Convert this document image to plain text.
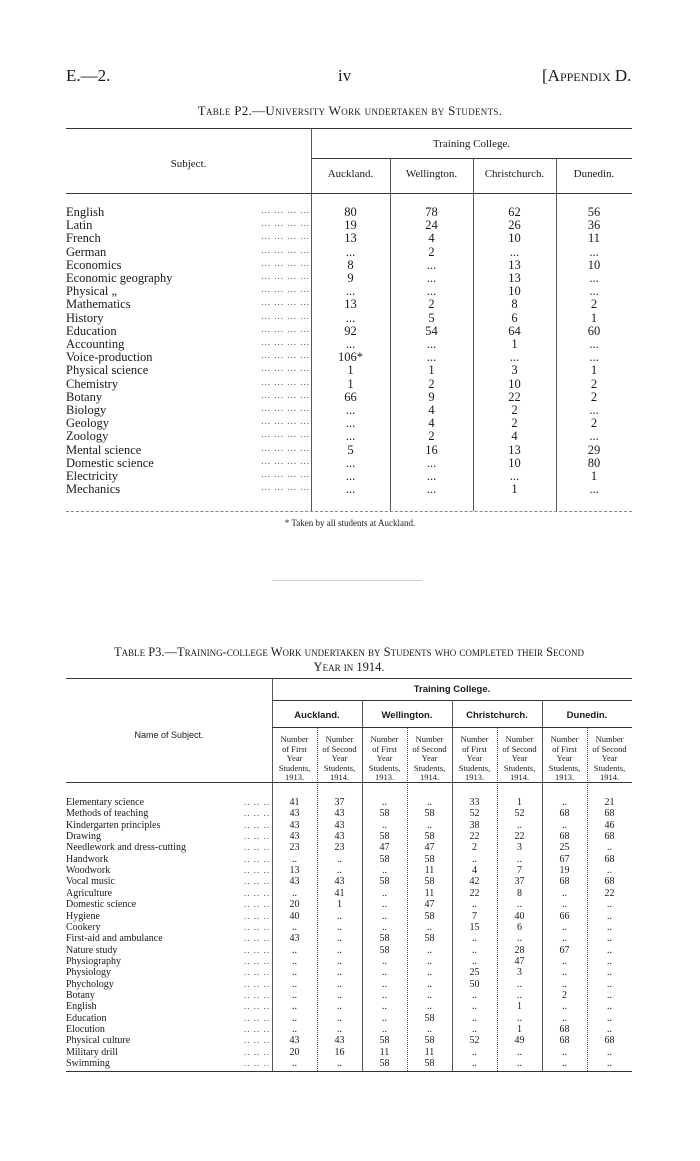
E.—2.	iv	[Appendix D.
Table P2.—University Work undertaken by Students.
Training College.
Subject.
Auckland.	Wellington.	Christchurch.	Dunedin.
English	... ... ... ...	80	78	62	56
Latin	... ... ... ...	19	24	26	36
French	... ... ... ...	13	4	10	11
German	... ... ... ...	...	2	...	...
Economics	... ... ... ...	8	...	13	10
Economic geography	... ... ... ...	9	...	13	...
Physical „	... ... ... ...	...	...	10	...
Mathematics	... ... ... ...	13	2	8	2
History	... ... ... ...	...	5	6	1
Education	... ... ... ...	92	54	64	60
Accounting	... ... ... ...	...	...	1	...
Voice-production	... ... ... ...	106*	...	...	...
Physical science	... ... ... ...	1	1	3	1
Chemistry	... ... ... ...	1	2	10	2
Botany	... ... ... ...	66	9	22	2
Biology	... ... ... ...	...	4	2	...
Geology	... ... ... ...	...	4	2	2
Zoology	... ... ... ...	...	2	4	...
Mental science	... ... ... ...	5	16	13	29
Domestic science	... ... ... ...	...	...	10	80
Electricity	... ... ... ...	...	...	...	1
Mechanics	... ... ... ...	...	...	1	...
* Taken by all students at Auckland.
Table P3.—Training-college Work undertaken by Students who completed their Second
Year in 1914.
Training College.
Name of Subject.
Auckland.	Wellington.	Christchurch.	Dunedin.
Number
of First
Year
Students,
1913.
Number
of Second
Year
Students,
1914.
Number
of First
Year
Students,
1913.
Number
of Second
Year
Students,
1914.
Number
of First
Year
Students,
1913.
Number
of Second
Year
Students,
1914.
Number
of First
Year
Students,
1913.
Number
of Second
Year
Students,
1914.
Elementary science	.. .. ..	41	37	..	..	33	1	..	21
Methods of teaching	.. .. ..	43	43	58	58	52	52	68	68
Kindergarten principles	.. .. ..	43	43	..	..	38	..	..	46
Drawing	.. .. ..	43	43	58	58	22	22	68	68
Needlework and dress-cutting	.. .. ..	23	23	47	47	2	3	25	..
Handwork	.. .. ..	..	..	58	58	..	..	67	68
Woodwork	.. .. ..	13	..	..	11	4	7	19	..
Vocal music	.. .. ..	43	43	58	58	42	37	68	68
Agriculture	.. .. ..	..	41	..	11	22	8	..	22
Domestic science	.. .. ..	20	1	..	47	..	..	..	..
Hygiene	.. .. ..	40	..	..	58	7	40	66	..
Cookery	.. .. ..	..	..	..	..	15	6	..	..
First-aid and ambulance	.. .. ..	43	..	58	58	..	..	..	..
Nature study	.. .. ..	..	..	58	..	..	28	67	..
Physiography	.. .. ..	..	..	..	..	..	47	..	..
Physiology	.. .. ..	..	..	..	..	25	3	..	..
Phychology	.. .. ..	..	..	..	..	50	..	..	..
Botany	.. .. ..	..	..	..	..	..	..	2	..
English	.. .. ..	..	..	..	..	..	1	..	..
Education	.. .. ..	..	..	..	58	..	..	..	..
Elocution	.. .. ..	..	..	..	..	..	1	68	..
Physical culture	.. .. ..	43	43	58	58	52	49	68	68
Military drill	.. .. ..	20	16	11	11	..	..	..	..
Swimming	.. .. ..	..	..	58	58	..	..	..	..
